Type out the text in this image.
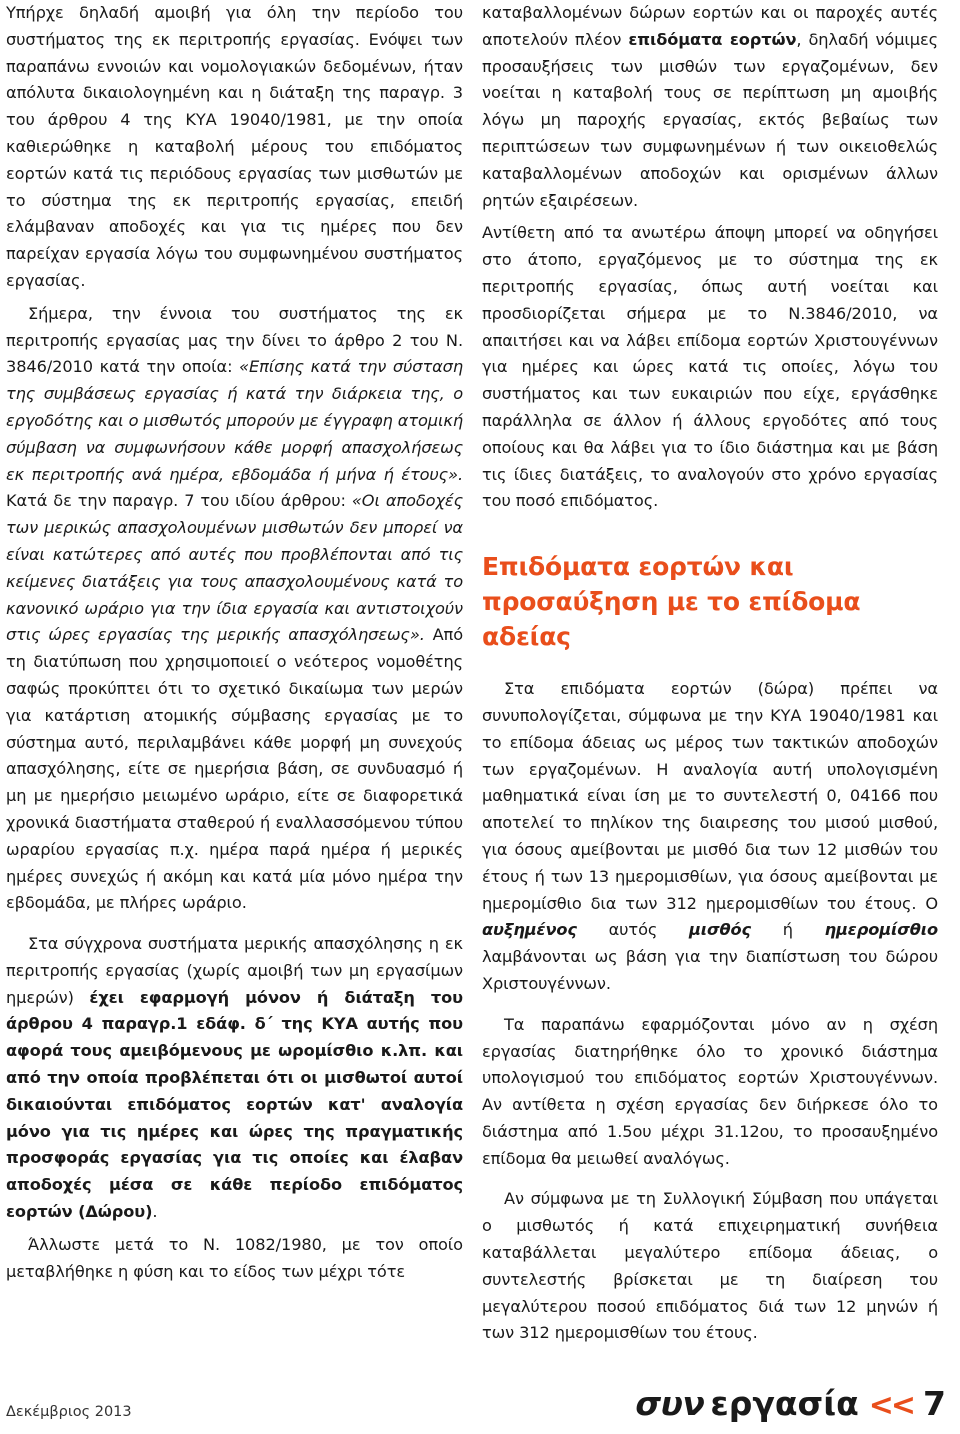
Υπήρχε δηλαδή αμοιβή για όλη την περίοδο του συστήματος της εκ περιτροπής εργασίας. Ενόψει των παραπάνω εννοιών και νομολογιακών δεδομένων, ήταν απόλυτα δικαιολογημένη και η διάταξη της παραγρ. 3 του άρθρου 4 της ΚΥΑ 19040/1981, με την οποία καθιερώθηκε η καταβολή μέρους του επιδόματος εορτών κατά τις περιόδους εργασίας των μισθωτών με το σύστημα της εκ περιτροπής εργασίας, επειδή ελάμβαναν αποδοχές και για τις ημέρες που δεν παρείχαν εργασία λόγω του συμφωνημένου συστήματος εργασίας.

Σήμερα, την έννοια του συστήματος της εκ περιτροπής εργασίας μας την δίνει το άρθρο 2 του Ν. 3846/2010 κατά την οποία: «Επίσης κατά την σύσταση της συμβάσεως εργασίας ή κατά την διάρκεια της, ο εργοδότης και ο μισθωτός μπορούν με έγγραφη ατομική σύμβαση να συμφωνήσουν κάθε μορφή απασχολήσεως εκ περιτροπής ανά ημέρα, εβδομάδα ή μήνα ή έτους». Κατά δε την παραγρ. 7 του ιδίου άρθρου: «Οι αποδοχές των μερικώς απασχολουμένων μισθωτών δεν μπορεί να είναι κατώτερες από αυτές που προβλέπονται από τις κείμενες διατάξεις για τους απασχολουμένους κατά το κανονικό ωράριο για την ίδια εργασία και αντιστοιχούν στις ώρες εργασίας της μερικής απασχόλησεως». Από τη διατύπωση που χρησιμοποιεί ο νεότερος νομοθέτης σαφώς προκύπτει ότι το σχετικό δικαίωμα των μερών για κατάρτιση ατομικής σύμβασης εργασίας με το σύστημα αυτό, περιλαμβάνει κάθε μορφή μη συνεχούς απασχόλησης, είτε σε ημερήσια βάση, σε συνδυασμό ή μη με ημερήσιο μειωμένο ωράριο, είτε σε διαφορετικά χρονικά διαστήματα σταθερού ή εναλλασσόμενου τύπου ωραρίου εργασίας π.χ. ημέρα παρά ημέρα ή μερικές ημέρες συνεχώς ή ακόμη και κατά μία μόνο ημέρα την εβδομάδα, με πλήρες ωράριο.

Στα σύγχρονα συστήματα μερικής απασχόλησης η εκ περιτροπής εργασίας (χωρίς αμοιβή των μη εργασίμων ημερών) έχει εφαρμογή μόνον ή διάταξη του άρθρου 4 παραγρ.1 εδάφ. δ΄ της ΚΥΑ αυτής που αφορά τους αμειβόμενους με ωρομίσθιο κ.λπ. και από την οποία προβλέπεται ότι οι μισθωτοί αυτοί δικαιούνται επιδόματος εορτών κατ' αναλογία μόνο για τις ημέρες και ώρες της πραγματικής προσφοράς εργασίας για τις οποίες και έλαβαν αποδοχές μέσα σε κάθε περίοδο επιδόματος εορτών (Δώρου).

Άλλωστε μετά το Ν. 1082/1980, με τον οποίο μεταβλήθηκε η φύση και το είδος των μέχρι τότε

καταβαλλομένων δώρων εορτών και οι παροχές αυτές αποτελούν πλέον επιδόματα εορτών, δηλαδή νόμιμες προσαυξήσεις των μισθών των εργαζομένων, δεν νοείται η καταβολή τους σε περίπτωση μη αμοιβής λόγω μη παροχής εργασίας, εκτός βεβαίως των περιπτώσεων των συμφωνημένων ή των οικειοθελώς καταβαλλομένων αποδοχών και ορισμένων άλλων ρητών εξαιρέσεων.

Αντίθετη από τα ανωτέρω άποψη μπορεί να οδηγήσει στο άτοπο, εργαζόμενος με το σύστημα της εκ περιτροπής εργασίας, όπως αυτή νοείται και προσδιορίζεται σήμερα με το Ν.3846/2010, να απαιτήσει και να λάβει επίδομα εορτών Χριστουγέννων για ημέρες και ώρες κατά τις οποίες, λόγω του συστήματος και των ευκαιριών που είχε, εργάσθηκε παράλληλα σε άλλον ή άλλους εργοδότες από τους οποίους και θα λάβει για το ίδιο διάστημα και με βάση τις ίδιες διατάξεις, το αναλογούν στο χρόνο εργασίας του ποσό επιδόματος.

Επιδόματα εορτών και προσαύξηση με το επίδομα αδείας

Στα επιδόματα εορτών (δώρα) πρέπει να συνυπολογίζεται, σύμφωνα με την ΚΥΑ 19040/1981 και το επίδομα άδειας ως μέρος των τακτικών αποδοχών των εργαζομένων. Η αναλογία αυτή υπολογισμένη μαθηματικά είναι ίση με το συντελεστή 0, 04166 που αποτελεί το πηλίκον της διαιρεσης του μισού μισθού, για όσους αμείβονται με μισθό δια των 12 μισθών του έτους ή των 13 ημερομισθίων, για όσους αμείβονται με ημερομίσθιο δια των 312 ημερομισθίων του έτους. Ο αυξημένος αυτός μισθός ή ημερομίσθιο λαμβάνονται ως βάση για την διαπίστωση του δώρου Χριστουγέννων.

Τα παραπάνω εφαρμόζονται μόνο αν η σχέση εργασίας διατηρήθηκε όλο το χρονικό διάστημα υπολογισμού του επιδόματος εορτών Χριστουγέννων. Αν αντίθετα η σχέση εργασίας δεν διήρκεσε όλο το διάστημα από 1.5ου μέχρι 31.12ου, το προσαυξημένο επίδομα θα μειωθεί αναλόγως.

Αν σύμφωνα με τη Συλλογική Σύμβαση που υπάγεται ο μισθωτός ή κατά επιχειρηματική συνήθεια καταβάλλεται μεγαλύτερο επίδομα άδειας, ο συντελεστής βρίσκεται με τη διαίρεση του μεγαλύτερου ποσού επιδόματος διά των 12 μηνών ή των 312 ημερομισθίων του έτους.

Δεκέμβριος 2013	συν εργασία << 7
